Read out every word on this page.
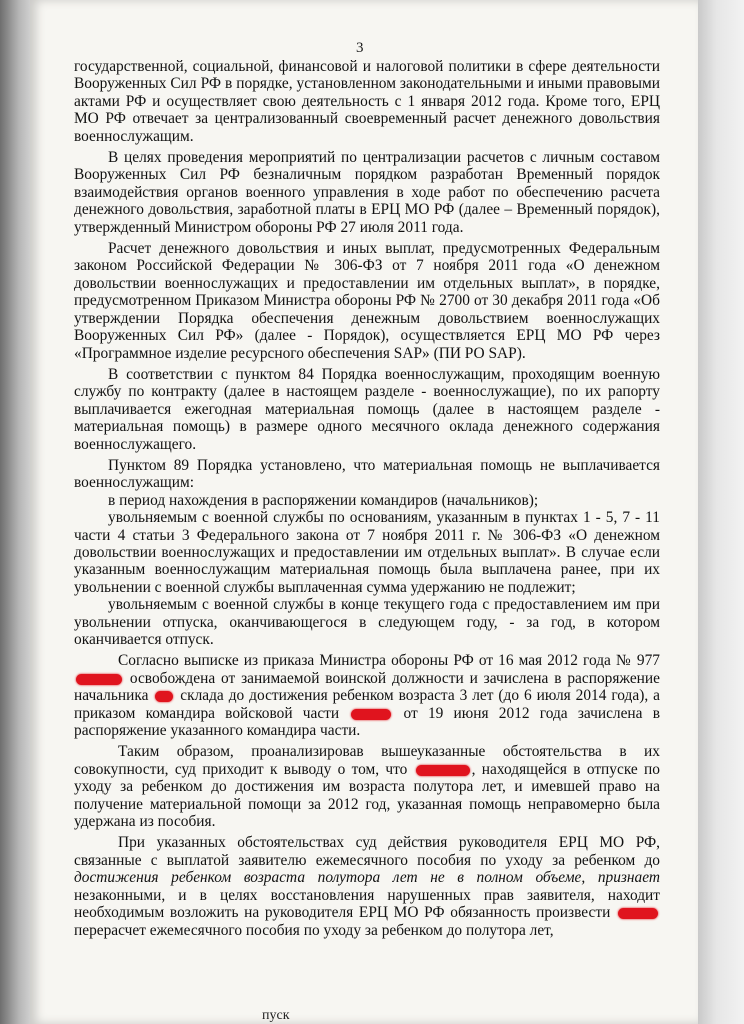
3

государственной, социальной, финансовой и налоговой политики в сфере деятельности Вооруженных Сил РФ в порядке, установленном законодательными и иными правовыми актами РФ и осуществляет свою деятельность с 1 января 2012 года. Кроме того, ЕРЦ МО РФ отвечает за централизованный своевременный расчет денежного довольствия военнослужащим.

В целях проведения мероприятий по централизации расчетов с личным составом Вооруженных Сил РФ безналичным порядком разработан Временный порядок взаимодействия органов военного управления в ходе работ по обеспечению расчета денежного довольствия, заработной платы в ЕРЦ МО РФ (далее – Временный порядок), утвержденный Министром обороны РФ 27 июля 2011 года.

Расчет денежного довольствия и иных выплат, предусмотренных Федеральным законом Российской Федерации № 306-ФЗ от 7 ноября 2011 года «О денежном довольствии военнослужащих и предоставлении им отдельных выплат», в порядке, предусмотренном Приказом Министра обороны РФ № 2700 от 30 декабря 2011 года «Об утверждении Порядка обеспечения денежным довольствием военнослужащих Вооруженных Сил РФ» (далее - Порядок), осуществляется ЕРЦ МО РФ через «Программное изделие ресурсного обеспечения SAP» (ПИ РО SAP).

В соответствии с пунктом 84 Порядка военнослужащим, проходящим военную службу по контракту (далее в настоящем разделе - военнослужащие), по их рапорту выплачивается ежегодная материальная помощь (далее в настоящем разделе - материальная помощь) в размере одного месячного оклада денежного содержания военнослужащего.

Пунктом 89 Порядка установлено, что материальная помощь не выплачивается военнослужащим:

в период нахождения в распоряжении командиров (начальников);

увольняемым с военной службы по основаниям, указанным в пунктах 1 - 5, 7 - 11 части 4 статьи 3 Федерального закона от 7 ноября 2011 г. № 306-ФЗ «О денежном довольствии военнослужащих и предоставлении им отдельных выплат». В случае если указанным военнослужащим материальная помощь была выплачена ранее, при их увольнении с военной службы выплаченная сумма удержанию не подлежит;

увольняемым с военной службы в конце текущего года с предоставлением им при увольнении отпуска, оканчивающегося в следующем году, - за год, в котором оканчивается отпуск.

Согласно выписке из приказа Министра обороны РФ от 16 мая 2012 года № 977  освобождена от занимаемой воинской должности и зачислена в распоряжение начальника склада до достижения ребенком возраста 3 лет (до 6 июля 2014 года), а приказом командира войсковой части	от 19 июня 2012 года зачислена в распоряжение указанного командира части.

Таким образом, проанализировав вышеуказанные обстоятельства в их совокупности, суд приходит к выводу о том, что	, находящейся в отпуске по уходу за ребенком до достижения им возраста полутора лет, и имевшей право на получение материальной помощи за 2012 год, указанная помощь неправомерно была удержана из пособия.

При указанных обстоятельствах суд действия руководителя ЕРЦ МО РФ, связанные с выплатой заявителю ежемесячного пособия по уходу за ребенком до достижения ребенком возраста полутора лет не в полном объеме, признает незаконными, и в целях восстановления нарушенных прав заявителя, находит необходимым возложить на руководителя ЕРЦ МО РФ обязанность произвести  перерасчет ежемесячного пособия по уходу за ребенком до полутора лет,

пуск
